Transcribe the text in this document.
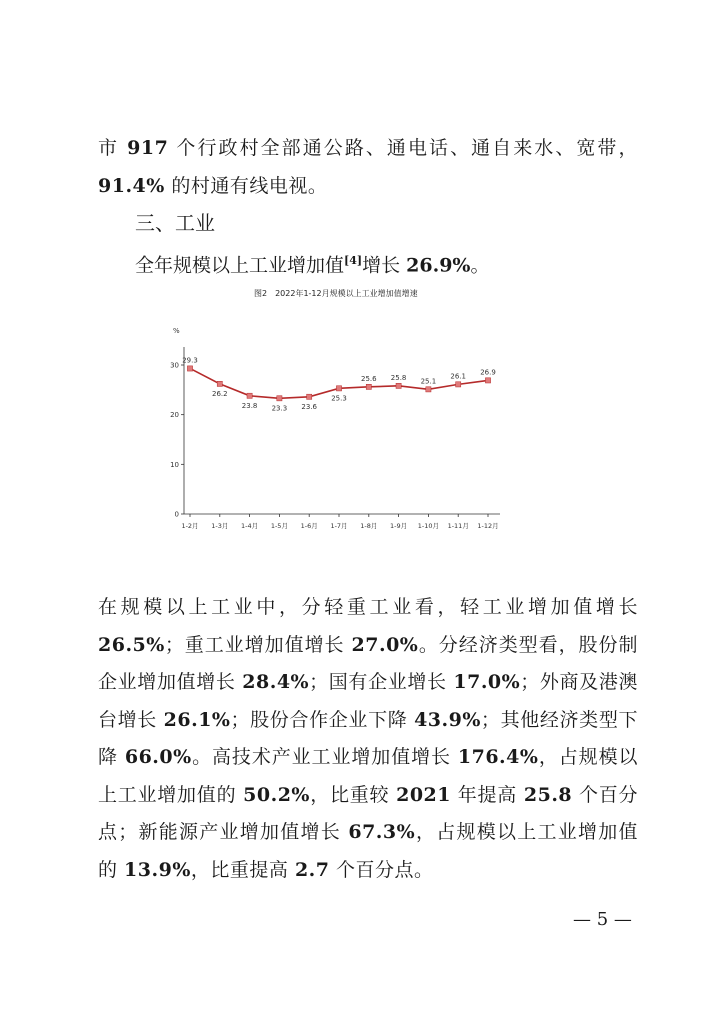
市 917 个行政村全部通公路、通电话、通自来水、宽带， 91.4% 的村通有线电视。

三、工业

全年规模以上工业增加值[4]增长 26.9%。

图2　2022年1-12月规模以上工业增加值增速
%
0
10
20
30
1-2月 1-3月 1-4月 1-5月 1-6月 1-7月 1-8月 1-9月 1-10月 1-11月 1-12月
29.3
26.2
23.8 23.3 23.6
25.3
25.6 25.8 25.1
26.1 26.9

在规模以上工业中，分轻重工业看，轻工业增加值增长 26.5%；重工业增加值增长 27.0%。分经济类型看，股份制企业增加值增长 28.4%；国有企业增长 17.0%；外商及港澳台增长 26.1%；股份合作企业下降 43.9%；其他经济类型下降 66.0%。高技术产业工业增加值增长 176.4%，占规模以上工业增加值的 50.2%，比重较 2021 年提高 25.8 个百分点；新能源产业增加值增长 67.3%，占规模以上工业增加值的 13.9%，比重提高 2.7 个百分点。

— 5 —
